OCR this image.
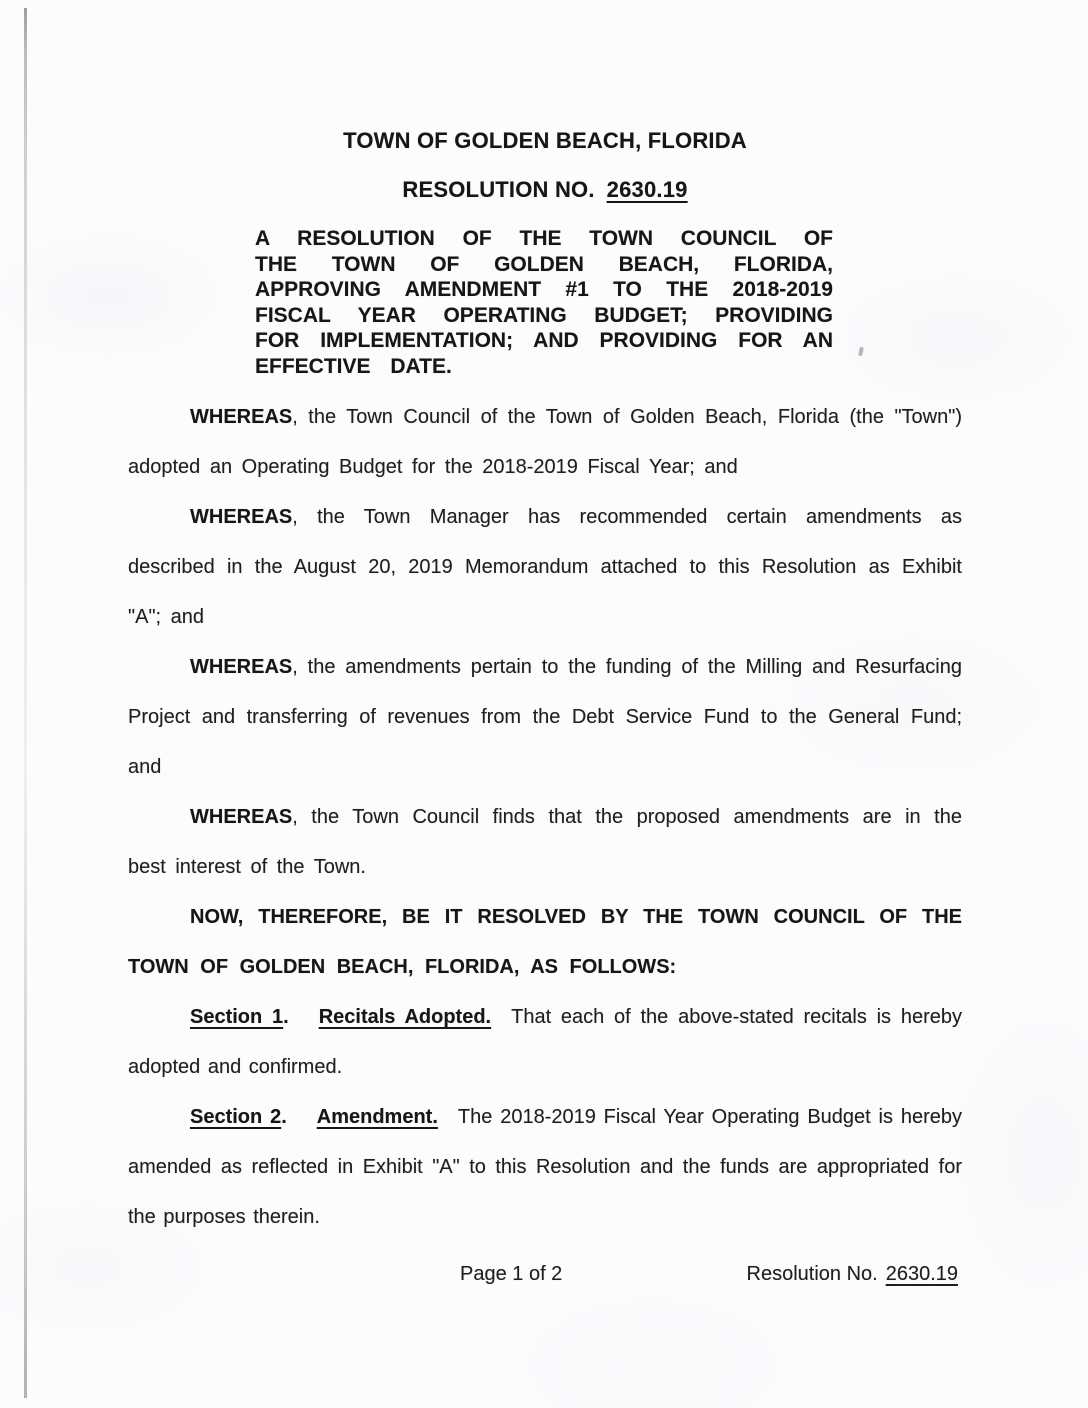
TOWN OF GOLDEN BEACH, FLORIDA
RESOLUTION NO. 2630.19

A RESOLUTION OF THE TOWN COUNCIL OF THE TOWN OF GOLDEN BEACH, FLORIDA, APPROVING AMENDMENT #1 TO THE 2018-2019 FISCAL YEAR OPERATING BUDGET; PROVIDING FOR IMPLEMENTATION; AND PROVIDING FOR AN EFFECTIVE DATE.

WHEREAS, the Town Council of the Town of Golden Beach, Florida (the "Town") adopted an Operating Budget for the 2018-2019 Fiscal Year; and

WHEREAS, the Town Manager has recommended certain amendments as described in the August 20, 2019 Memorandum attached to this Resolution as Exhibit "A"; and

WHEREAS, the amendments pertain to the funding of the Milling and Resurfacing Project and transferring of revenues from the Debt Service Fund to the General Fund; and

WHEREAS, the Town Council finds that the proposed amendments are in the best interest of the Town.

NOW, THEREFORE, BE IT RESOLVED BY THE TOWN COUNCIL OF THE TOWN OF GOLDEN BEACH, FLORIDA, AS FOLLOWS:

Section 1. Recitals Adopted. That each of the above-stated recitals is hereby adopted and confirmed.

Section 2. Amendment. The 2018-2019 Fiscal Year Operating Budget is hereby amended as reflected in Exhibit "A" to this Resolution and the funds are appropriated for the purposes therein.

Page 1 of 2	Resolution No. 2630.19
